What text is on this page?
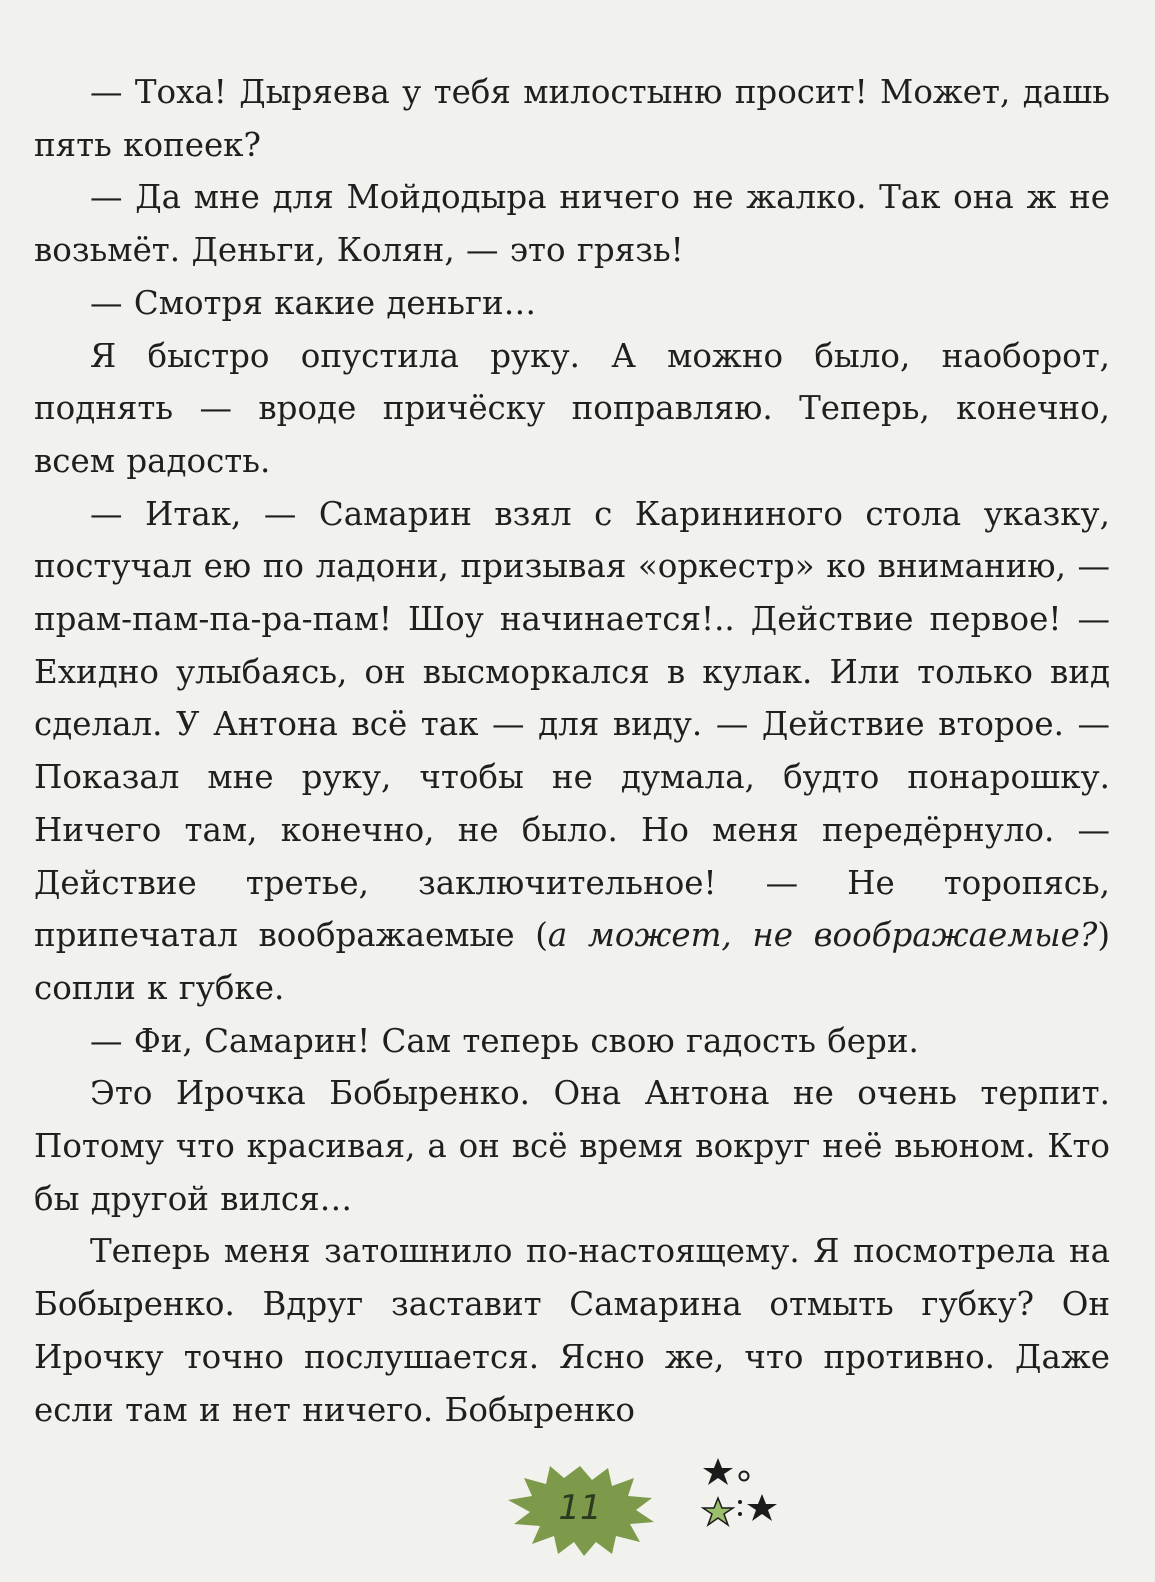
— Тоха! Дыряева у тебя милостыню просит! Может, дашь пять копеек?

— Да мне для Мойдодыра ничего не жалко. Так она ж не возьмёт. Деньги, Колян, — это грязь!

— Смотря какие деньги…

Я быстро опустила руку. А можно было, наоборот, поднять — вроде причёску поправляю. Теперь, конечно, всем радость.

— Итак, — Самарин взял с Карининого стола указку, постучал ею по ладони, призывая «оркестр» ко вниманию, — прам-пам-па-ра-пам! Шоу начинается!.. Действие первое! — Ехидно улыбаясь, он высморкался в кулак. Или только вид сделал. У Антона всё так — для виду. — Действие второе. — Показал мне руку, чтобы не думала, будто понарошку. Ничего там, конечно, не было. Но меня передёрнуло. — Действие третье, заключительное! — Не торопясь, припечатал воображаемые (а может, не воображаемые?) сопли к губке.

— Фи, Самарин! Сам теперь свою гадость бери.

Это Ирочка Бобыренко. Она Антона не очень терпит. Потому что красивая, а он всё время вокруг неё вьюном. Кто бы другой вился…

Теперь меня затошнило по-настоящему. Я посмотрела на Бобыренко. Вдруг заставит Самарина отмыть губку? Он Ирочку точно послушается. Ясно же, что противно. Даже если там и нет ничего. Бобыренко

11
